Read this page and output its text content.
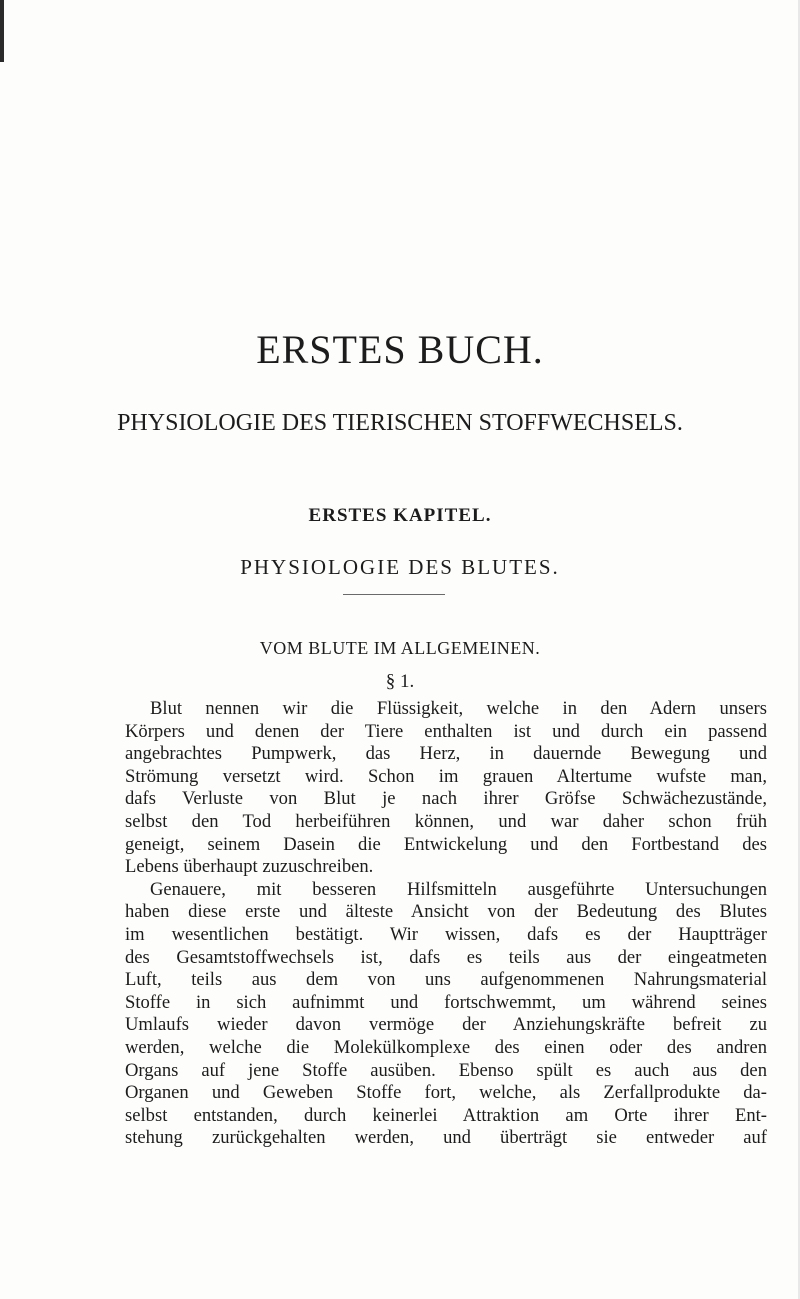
ERSTES BUCH.
PHYSIOLOGIE DES TIERISCHEN STOFFWECHSELS.
ERSTES KAPITEL.
PHYSIOLOGIE DES BLUTES.
VOM BLUTE IM ALLGEMEINEN.
§ 1.
Blut nennen wir die Flüssigkeit, welche in den Adern unsers
Körpers und denen der Tiere enthalten ist und durch ein passend
angebrachtes Pumpwerk, das Herz, in dauernde Bewegung und
Strömung versetzt wird. Schon im grauen Altertume wufste man,
dafs Verluste von Blut je nach ihrer Gröfse Schwächezustände,
selbst den Tod herbeiführen können, und war daher schon früh
geneigt, seinem Dasein die Entwickelung und den Fortbestand des
Lebens überhaupt zuzuschreiben.
Genauere, mit besseren Hilfsmitteln ausgeführte Untersuchungen
haben diese erste und älteste Ansicht von der Bedeutung des Blutes
im wesentlichen bestätigt. Wir wissen, dafs es der Hauptträger
des Gesamtstoffwechsels ist, dafs es teils aus der eingeatmeten
Luft, teils aus dem von uns aufgenommenen Nahrungsmaterial
Stoffe in sich aufnimmt und fortschwemmt, um während seines
Umlaufs wieder davon vermöge der Anziehungskräfte befreit zu
werden, welche die Molekülkomplexe des einen oder des andren
Organs auf jene Stoffe ausüben. Ebenso spült es auch aus den
Organen und Geweben Stoffe fort, welche, als Zerfallprodukte da-
selbst entstanden, durch keinerlei Attraktion am Orte ihrer Ent-
stehung zurückgehalten werden, und überträgt sie entweder auf
